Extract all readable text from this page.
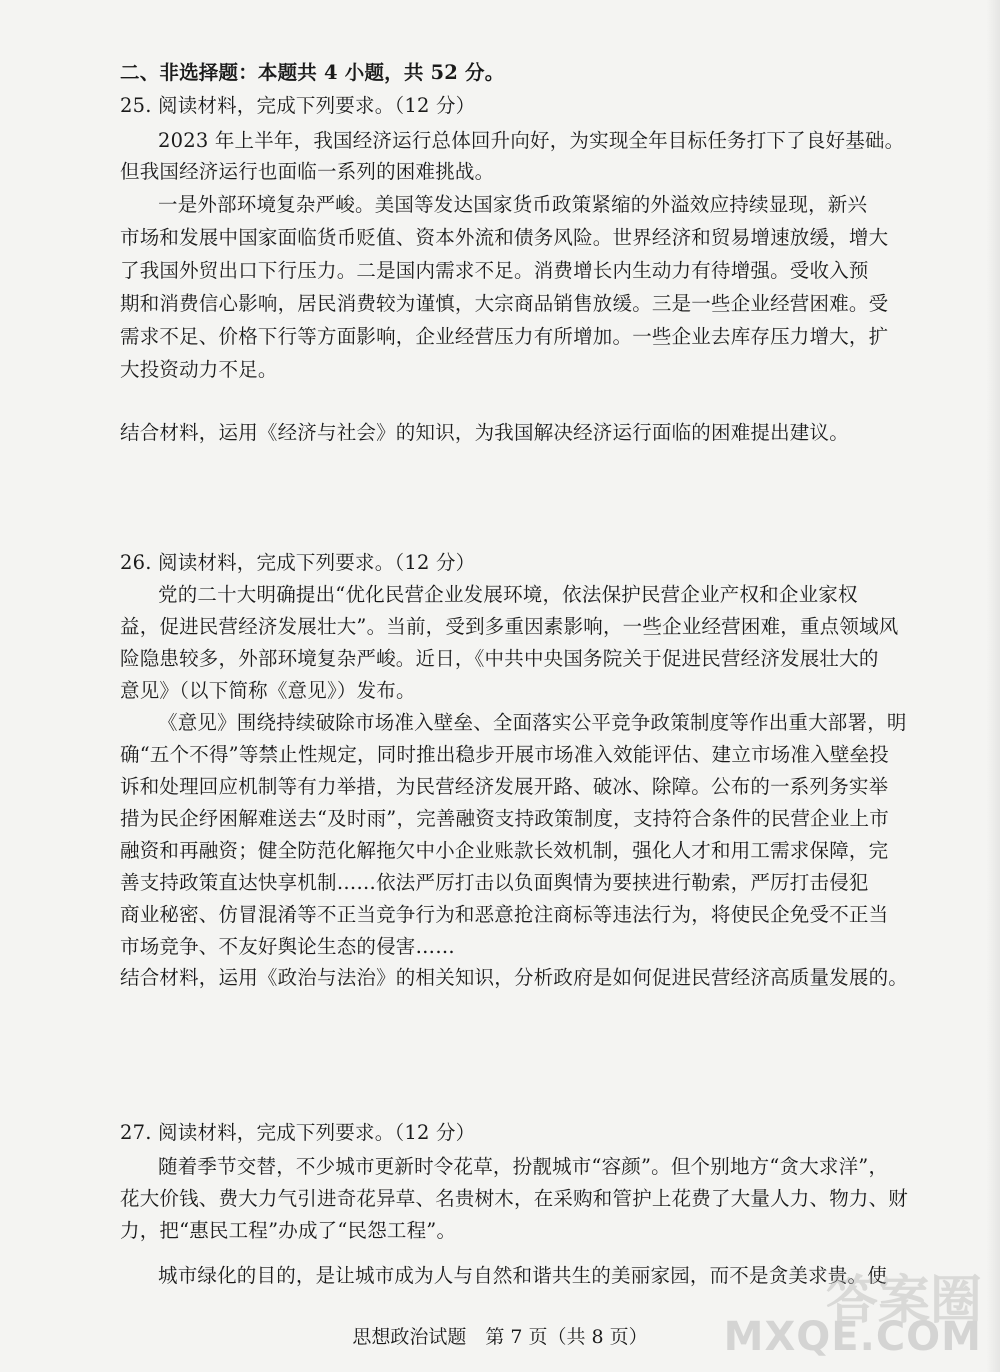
二、非选择题：本题共 4 小题，共 52 分。
25. 阅读材料，完成下列要求。（12 分）
2023 年上半年，我国经济运行总体回升向好，为实现全年目标任务打下了良好基础。
但我国经济运行也面临一系列的困难挑战。
一是外部环境复杂严峻。美国等发达国家货币政策紧缩的外溢效应持续显现，新兴
市场和发展中国家面临货币贬值、资本外流和债务风险。世界经济和贸易增速放缓，增大
了我国外贸出口下行压力。二是国内需求不足。消费增长内生动力有待增强。受收入预
期和消费信心影响，居民消费较为谨慎，大宗商品销售放缓。三是一些企业经营困难。受
需求不足、价格下行等方面影响，企业经营压力有所增加。一些企业去库存压力增大，扩
大投资动力不足。
结合材料，运用《经济与社会》的知识，为我国解决经济运行面临的困难提出建议。
26. 阅读材料，完成下列要求。（12 分）
党的二十大明确提出“优化民营企业发展环境，依法保护民营企业产权和企业家权
益，促进民营经济发展壮大”。当前，受到多重因素影响，一些企业经营困难，重点领域风
险隐患较多，外部环境复杂严峻。近日，《中共中央国务院关于促进民营经济发展壮大的
意见》（以下简称《意见》）发布。
《意见》围绕持续破除市场准入壁垒、全面落实公平竞争政策制度等作出重大部署，明
确“五个不得”等禁止性规定，同时推出稳步开展市场准入效能评估、建立市场准入壁垒投
诉和处理回应机制等有力举措，为民营经济发展开路、破冰、除障。公布的一系列务实举
措为民企纾困解难送去“及时雨”，完善融资支持政策制度，支持符合条件的民营企业上市
融资和再融资；健全防范化解拖欠中小企业账款长效机制，强化人才和用工需求保障，完
善支持政策直达快享机制……依法严厉打击以负面舆情为要挟进行勒索，严厉打击侵犯
商业秘密、仿冒混淆等不正当竞争行为和恶意抢注商标等违法行为，将使民企免受不正当
市场竞争、不友好舆论生态的侵害……
结合材料，运用《政治与法治》的相关知识，分析政府是如何促进民营经济高质量发展的。
27. 阅读材料，完成下列要求。（12 分）
随着季节交替，不少城市更新时令花草，扮靓城市“容颜”。但个别地方“贪大求洋”，
花大价钱、费大力气引进奇花异草、名贵树木，在采购和管护上花费了大量人力、物力、财
力，把“惠民工程”办成了“民怨工程”。
城市绿化的目的，是让城市成为人与自然和谐共生的美丽家园，而不是贪美求贵。使
思想政治试题　第 7 页（共 8 页）
答案圈
MXQE.COM
